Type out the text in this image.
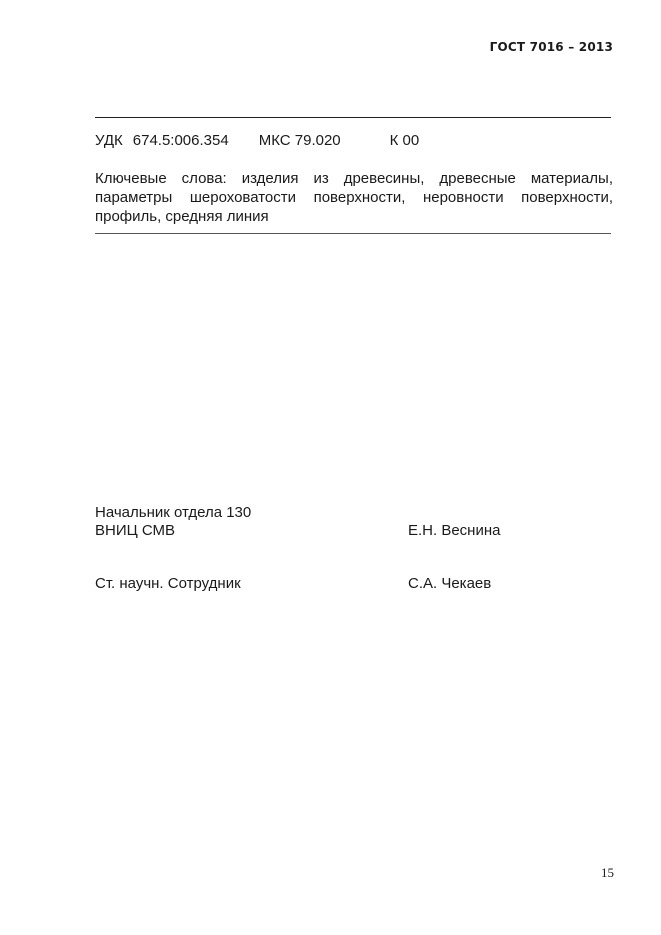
ГОСТ 7016 – 2013
УДК 674.5:006.354 МКС 79.020	К 00
Ключевые слова: изделия из древесины, древесные материалы, параметры шероховатости поверхности, неровности поверхности, профиль, средняя линия
Начальник отдела 130
ВНИЦ СМВ	Е.Н. Веснина
Ст. научн. Сотрудник	С.А. Чекаев
15
